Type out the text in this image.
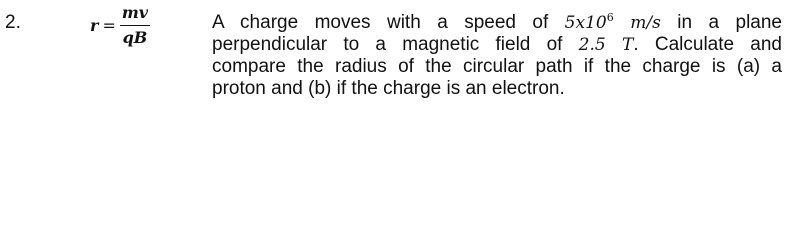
2.	$r = \frac{mv}{qB}$	A charge moves with a speed of $5x10^6$ m/s in a plane
perpendicular to a magnetic field of 2.5 T. Calculate and
compare the radius of the circular path if the charge is (a) a
proton and (b) if the charge is an electron.
